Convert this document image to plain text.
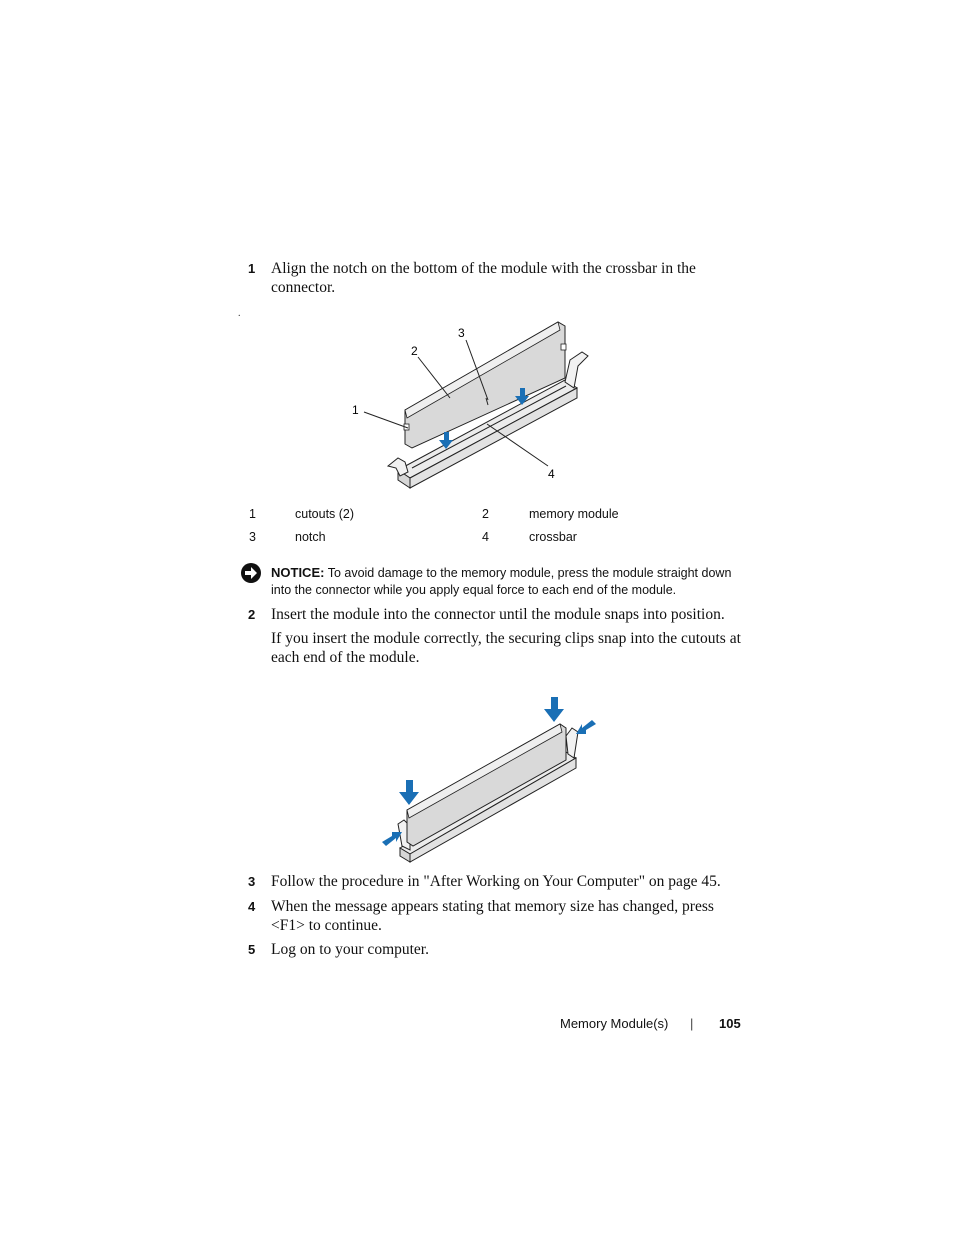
1 Align the notch on the bottom of the module with the crossbar in the connector.
.
1
2
3
4
1	cutouts (2)	2	memory module
3	notch	4	crossbar
NOTICE: To avoid damage to the memory module, press the module straight down into the connector while you apply equal force to each end of the module.
2 Insert the module into the connector until the module snaps into position.
If you insert the module correctly, the securing clips snap into the cutouts at each end of the module.
3 Follow the procedure in "After Working on Your Computer" on page 45.
4 When the message appears stating that memory size has changed, press <F1> to continue.
5 Log on to your computer.
Memory Module(s) | 105
